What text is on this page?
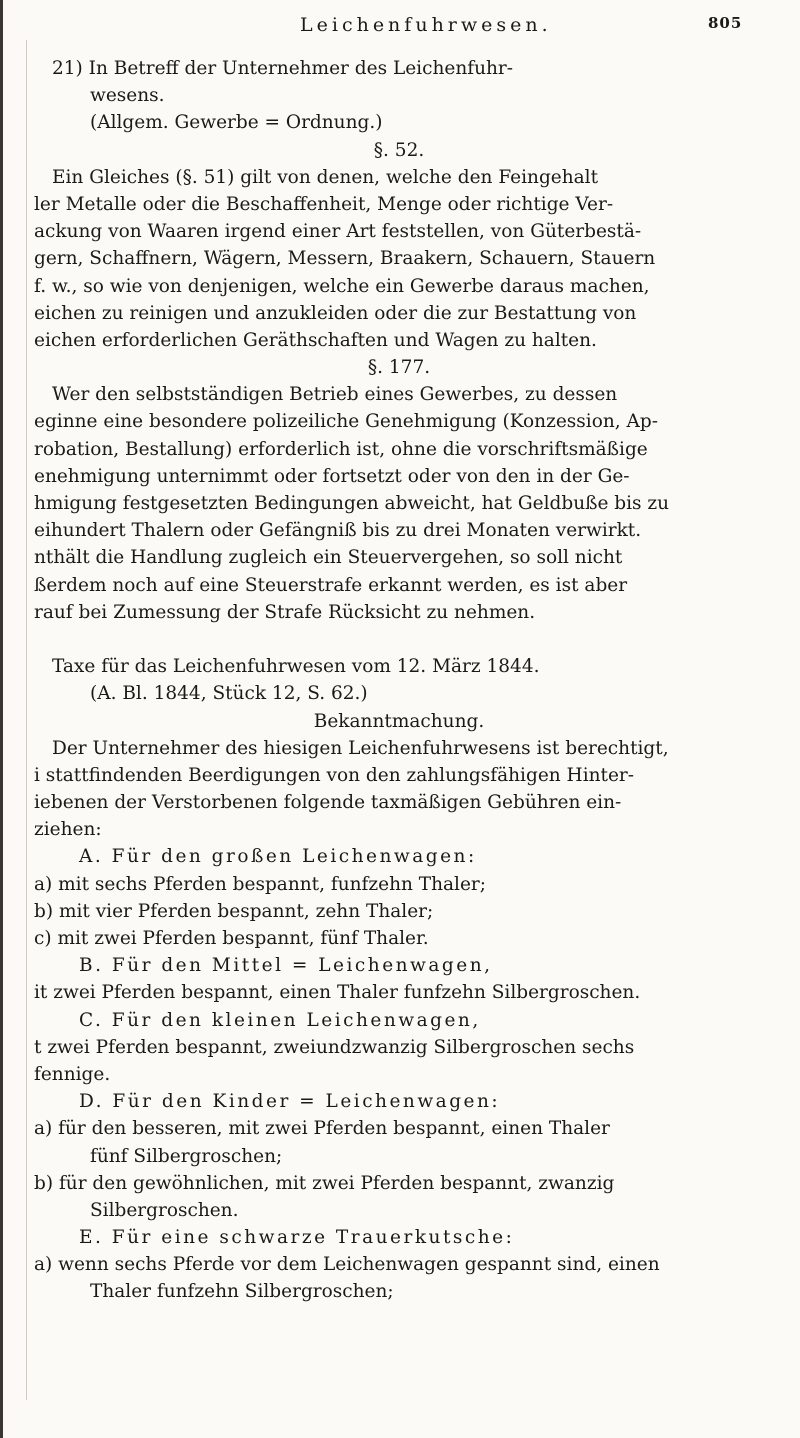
Leichenfuhrwesen.	805
21) In Betreff der Unternehmer des Leichenfuhr-
wesens.
(Allgem. Gewerbe = Ordnung.)
§. 52.
Ein Gleiches (§. 51) gilt von denen, welche den Feingehalt
ler Metalle oder die Beschaffenheit, Menge oder richtige Ver-
ackung von Waaren irgend einer Art feststellen, von Güterbestä-
gern, Schaffnern, Wägern, Messern, Braakern, Schauern, Stauern
f. w., so wie von denjenigen, welche ein Gewerbe daraus machen,
eichen zu reinigen und anzukleiden oder die zur Bestattung von
eichen erforderlichen Geräthschaften und Wagen zu halten.
§. 177.
Wer den selbstständigen Betrieb eines Gewerbes, zu dessen
eginne eine besondere polizeiliche Genehmigung (Konzession, Ap-
robation, Bestallung) erforderlich ist, ohne die vorschriftsmäßige
enehmigung unternimmt oder fortsetzt oder von den in der Ge-
hmigung festgesetzten Bedingungen abweicht, hat Geldbuße bis zu
eihundert Thalern oder Gefängniß bis zu drei Monaten verwirkt.
nthält die Handlung zugleich ein Steuervergehen, so soll nicht
ßerdem noch auf eine Steuerstrafe erkannt werden, es ist aber
rauf bei Zumessung der Strafe Rücksicht zu nehmen.
Taxe für das Leichenfuhrwesen vom 12. März 1844.
(A. Bl. 1844, Stück 12, S. 62.)
Bekanntmachung.
Der Unternehmer des hiesigen Leichenfuhrwesens ist berechtigt,
i stattfindenden Beerdigungen von den zahlungsfähigen Hinter-
iebenen der Verstorbenen folgende taxmäßigen Gebühren ein-
ziehen:
A. Für den großen Leichenwagen:
a) mit sechs Pferden bespannt, funfzehn Thaler;
b) mit vier Pferden bespannt, zehn Thaler;
c) mit zwei Pferden bespannt, fünf Thaler.
B. Für den Mittel = Leichenwagen,
it zwei Pferden bespannt, einen Thaler funfzehn Silbergroschen.
C. Für den kleinen Leichenwagen,
t zwei Pferden bespannt, zweiundzwanzig Silbergroschen sechs
fennige.
D. Für den Kinder = Leichenwagen:
a) für den besseren, mit zwei Pferden bespannt, einen Thaler
fünf Silbergroschen;
b) für den gewöhnlichen, mit zwei Pferden bespannt, zwanzig
Silbergroschen.
E. Für eine schwarze Trauerkutsche:
a) wenn sechs Pferde vor dem Leichenwagen gespannt sind, einen
Thaler funfzehn Silbergroschen;
